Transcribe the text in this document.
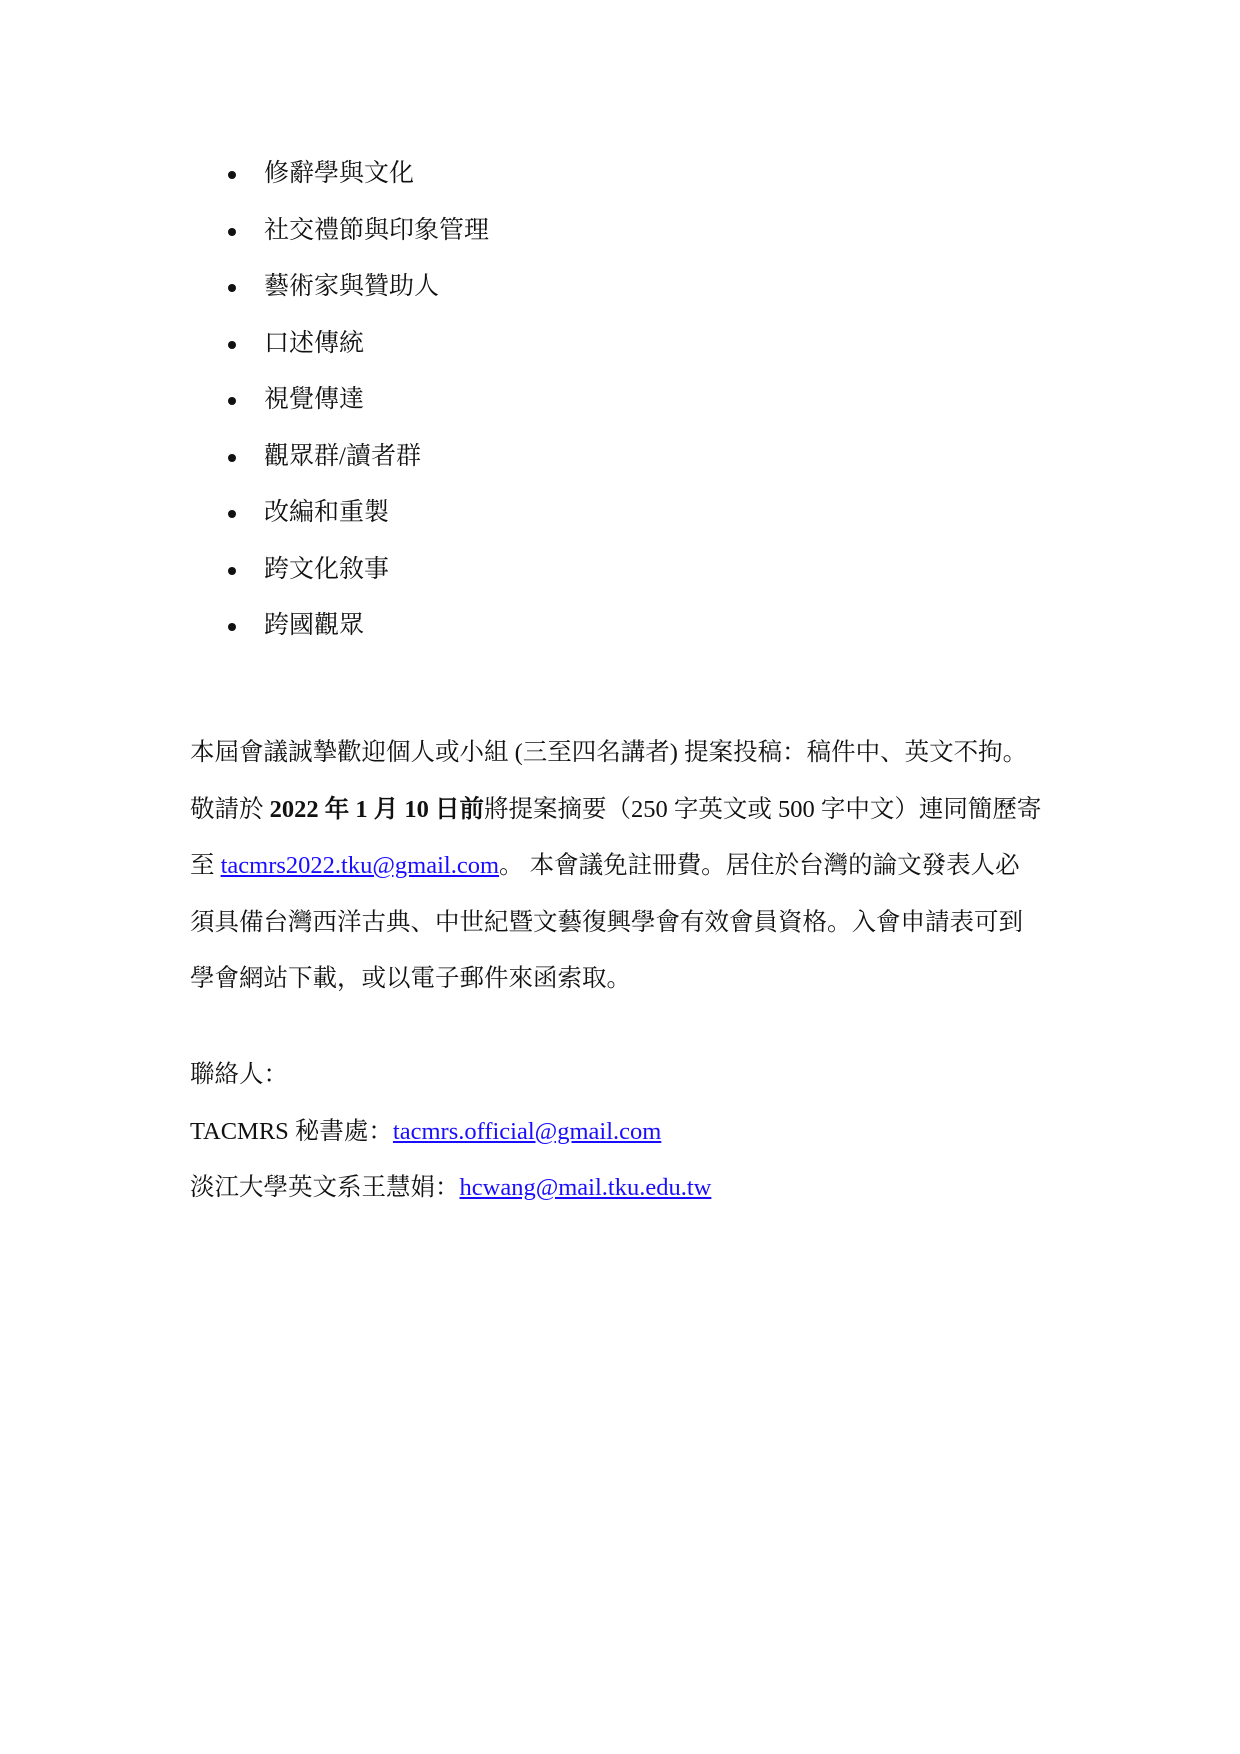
修辭學與文化
社交禮節與印象管理
藝術家與贊助人
口述傳統
視覺傳達
觀眾群/讀者群
改編和重製
跨文化敘事
跨國觀眾
本屆會議誠摯歡迎個人或小組 (三至四名講者) 提案投稿：稿件中、英文不拘。
敬請於 2022 年 1 月 10 日前將提案摘要（250 字英文或 500 字中文）連同簡歷寄
至 tacmrs2022.tku@gmail.com。 本會議免註冊費。居住於台灣的論文發表人必
須具備台灣西洋古典、中世紀暨文藝復興學會有效會員資格。入會申請表可到
學會網站下載，或以電子郵件來函索取。
聯絡人：
TACMRS 秘書處：tacmrs.official@gmail.com
淡江大學英文系王慧娟：hcwang@mail.tku.edu.tw
